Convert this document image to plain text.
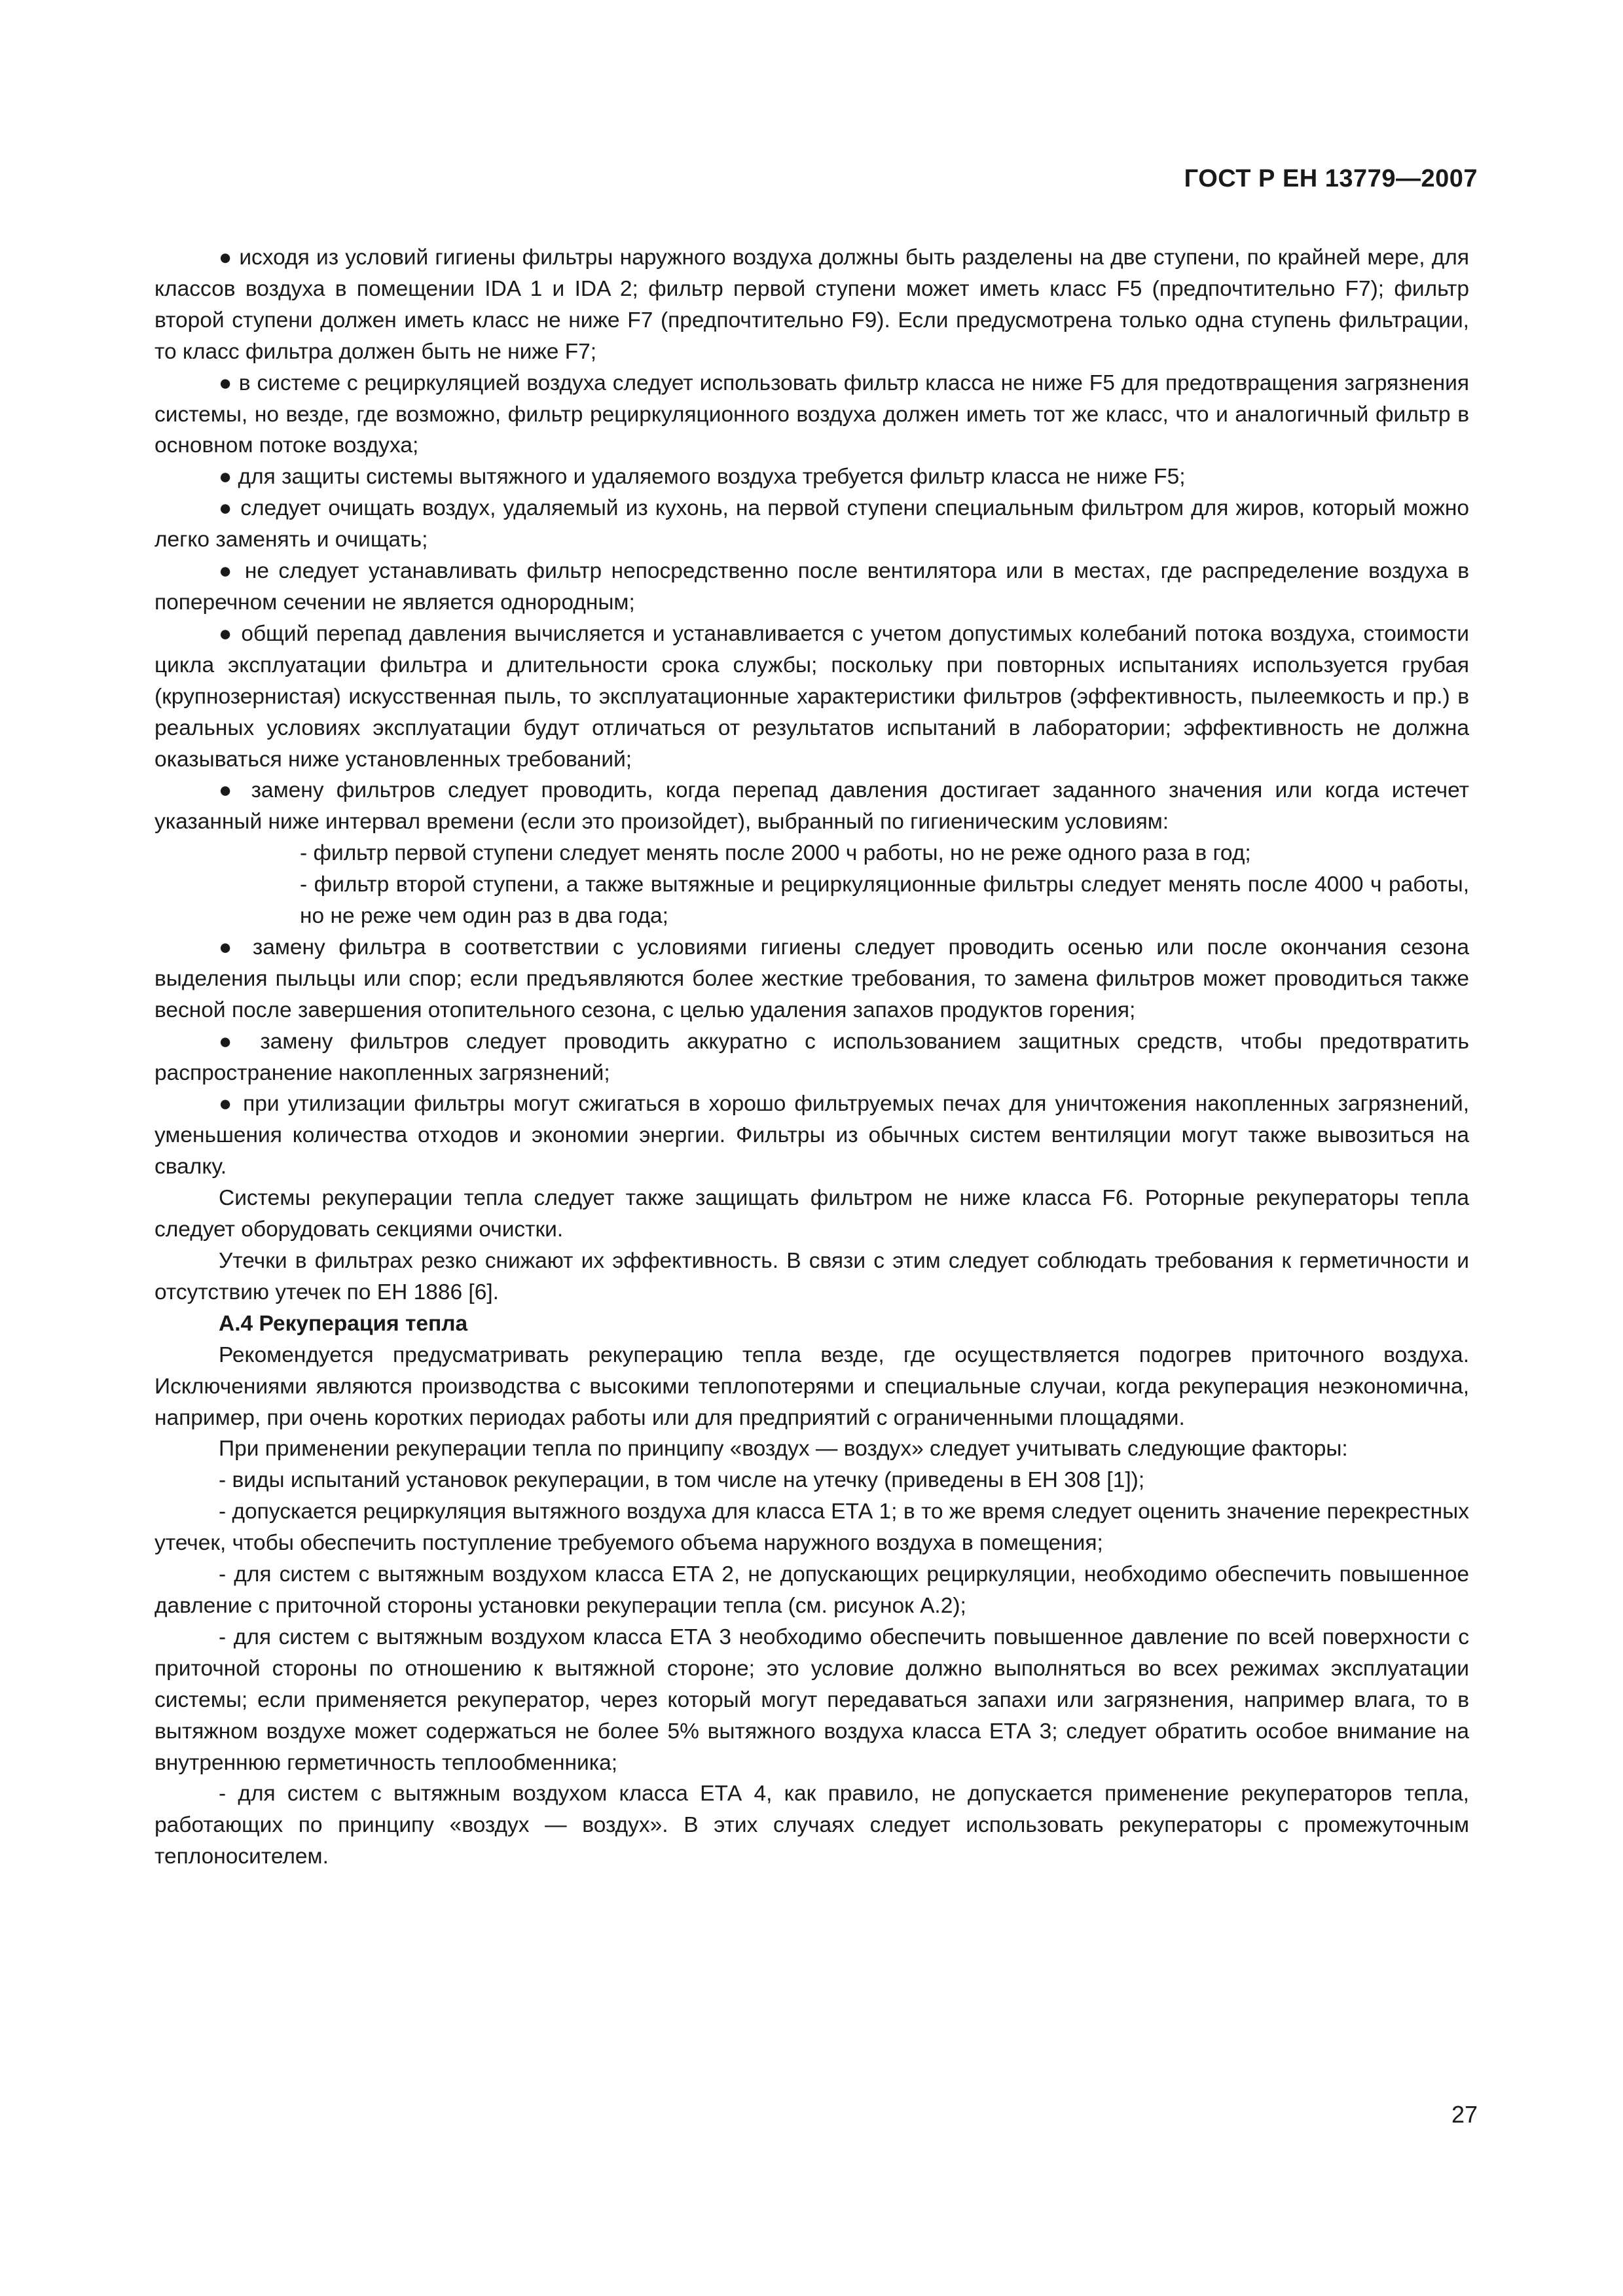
ГОСТ Р ЕН 13779—2007

● исходя из условий гигиены фильтры наружного воздуха должны быть разделены на две ступени, по крайней мере, для классов воздуха в помещении IDA 1 и IDA 2; фильтр первой ступени может иметь класс F5 (предпочтительно F7); фильтр второй ступени должен иметь класс не ниже F7 (предпочтительно F9). Если предусмотрена только одна ступень фильтрации, то класс фильтра должен быть не ниже F7;

● в системе с рециркуляцией воздуха следует использовать фильтр класса не ниже F5 для предотвращения загрязнения системы, но везде, где возможно, фильтр рециркуляционного воздуха должен иметь тот же класс, что и аналогичный фильтр в основном потоке воздуха;

● для защиты системы вытяжного и удаляемого воздуха требуется фильтр класса не ниже F5;

● следует очищать воздух, удаляемый из кухонь, на первой ступени специальным фильтром для жиров, который можно легко заменять и очищать;

● не следует устанавливать фильтр непосредственно после вентилятора или в местах, где распределение воздуха в поперечном сечении не является однородным;

● общий перепад давления вычисляется и устанавливается с учетом допустимых колебаний потока воздуха, стоимости цикла эксплуатации фильтра и длительности срока службы; поскольку при повторных испытаниях используется грубая (крупнозернистая) искусственная пыль, то эксплуатационные характеристики фильтров (эффективность, пылеемкость и пр.) в реальных условиях эксплуатации будут отличаться от результатов испытаний в лаборатории; эффективность не должна оказываться ниже установленных требований;

● замену фильтров следует проводить, когда перепад давления достигает заданного значения или когда истечет указанный ниже интервал времени (если это произойдет), выбранный по гигиеническим условиям:

- фильтр первой ступени следует менять после 2000 ч работы, но не реже одного раза в год;

- фильтр второй ступени, а также вытяжные и рециркуляционные фильтры следует менять после 4000 ч работы, но не реже чем один раз в два года;

● замену фильтра в соответствии с условиями гигиены следует проводить осенью или после окончания сезона выделения пыльцы или спор; если предъявляются более жесткие требования, то замена фильтров может проводиться также весной после завершения отопительного сезона, с целью удаления запахов продуктов горения;

● замену фильтров следует проводить аккуратно с использованием защитных средств, чтобы предотвратить распространение накопленных загрязнений;

● при утилизации фильтры могут сжигаться в хорошо фильтруемых печах для уничтожения накопленных загрязнений, уменьшения количества отходов и экономии энергии. Фильтры из обычных систем вентиляции могут также вывозиться на свалку.

Системы рекуперации тепла следует также защищать фильтром не ниже класса F6. Роторные рекуператоры тепла следует оборудовать секциями очистки.

Утечки в фильтрах резко снижают их эффективность. В связи с этим следует соблюдать требования к герметичности и отсутствию утечек по ЕН 1886 [6].

А.4 Рекуперация тепла

Рекомендуется предусматривать рекуперацию тепла везде, где осуществляется подогрев приточного воздуха. Исключениями являются производства с высокими теплопотерями и специальные случаи, когда рекуперация неэкономична, например, при очень коротких периодах работы или для предприятий с ограниченными площадями.

При применении рекуперации тепла по принципу «воздух — воздух» следует учитывать следующие факторы:

- виды испытаний установок рекуперации, в том числе на утечку (приведены в ЕН 308 [1]);

- допускается рециркуляция вытяжного воздуха для класса ЕТА 1; в то же время следует оценить значение перекрестных утечек, чтобы обеспечить поступление требуемого объема наружного воздуха в помещения;

- для систем с вытяжным воздухом класса ЕТА 2, не допускающих рециркуляции, необходимо обеспечить повышенное давление с приточной стороны установки рекуперации тепла (см. рисунок А.2);

- для систем с вытяжным воздухом класса ЕТА 3 необходимо обеспечить повышенное давление по всей поверхности с приточной стороны по отношению к вытяжной стороне; это условие должно выполняться во всех режимах эксплуатации системы; если применяется рекуператор, через который могут передаваться запахи или загрязнения, например влага, то в вытяжном воздухе может содержаться не более 5% вытяжного воздуха класса ЕТА 3; следует обратить особое внимание на внутреннюю герметичность теплообменника;

- для систем с вытяжным воздухом класса ЕТА 4, как правило, не допускается применение рекуператоров тепла, работающих по принципу «воздух — воздух». В этих случаях следует использовать рекуператоры с промежуточным теплоносителем.

27
